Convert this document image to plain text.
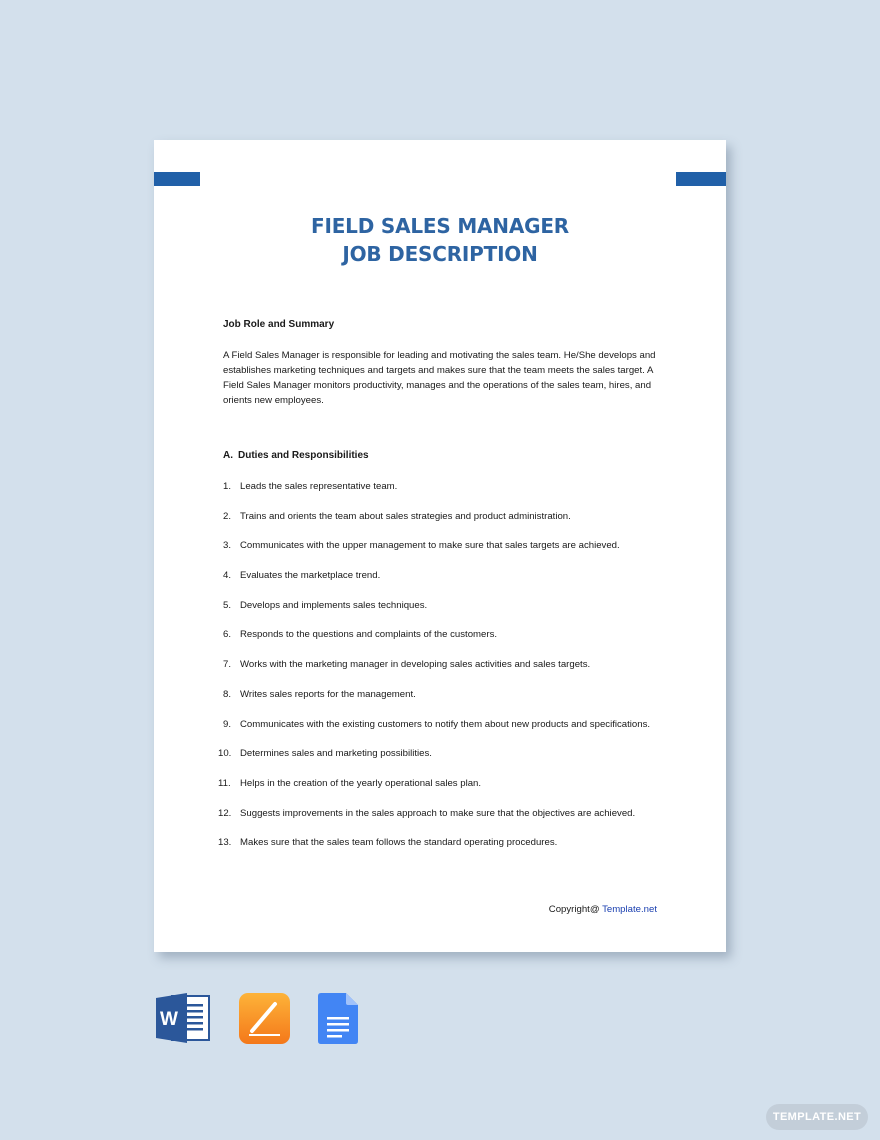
FIELD SALES MANAGER
JOB DESCRIPTION

Job Role and Summary

A Field Sales Manager is responsible for leading and motivating the sales team. He/She develops and establishes marketing techniques and targets and makes sure that the team meets the sales target. A Field Sales Manager monitors productivity, manages and the operations of the sales team, hires, and orients new employees.

A. Duties and Responsibilities
1. Leads the sales representative team.
2. Trains and orients the team about sales strategies and product administration.
3. Communicates with the upper management to make sure that sales targets are achieved.
4. Evaluates the marketplace trend.
5. Develops and implements sales techniques.
6. Responds to the questions and complaints of the customers.
7. Works with the marketing manager in developing sales activities and sales targets.
8. Writes sales reports for the management.
9. Communicates with the existing customers to notify them about new products and specifications.
10. Determines sales and marketing possibilities.
11. Helps in the creation of the yearly operational sales plan.
12. Suggests improvements in the sales approach to make sure that the objectives are achieved.
13. Makes sure that the sales team follows the standard operating procedures.
Copyright@ Template.net
W
TEMPLATE.NET
